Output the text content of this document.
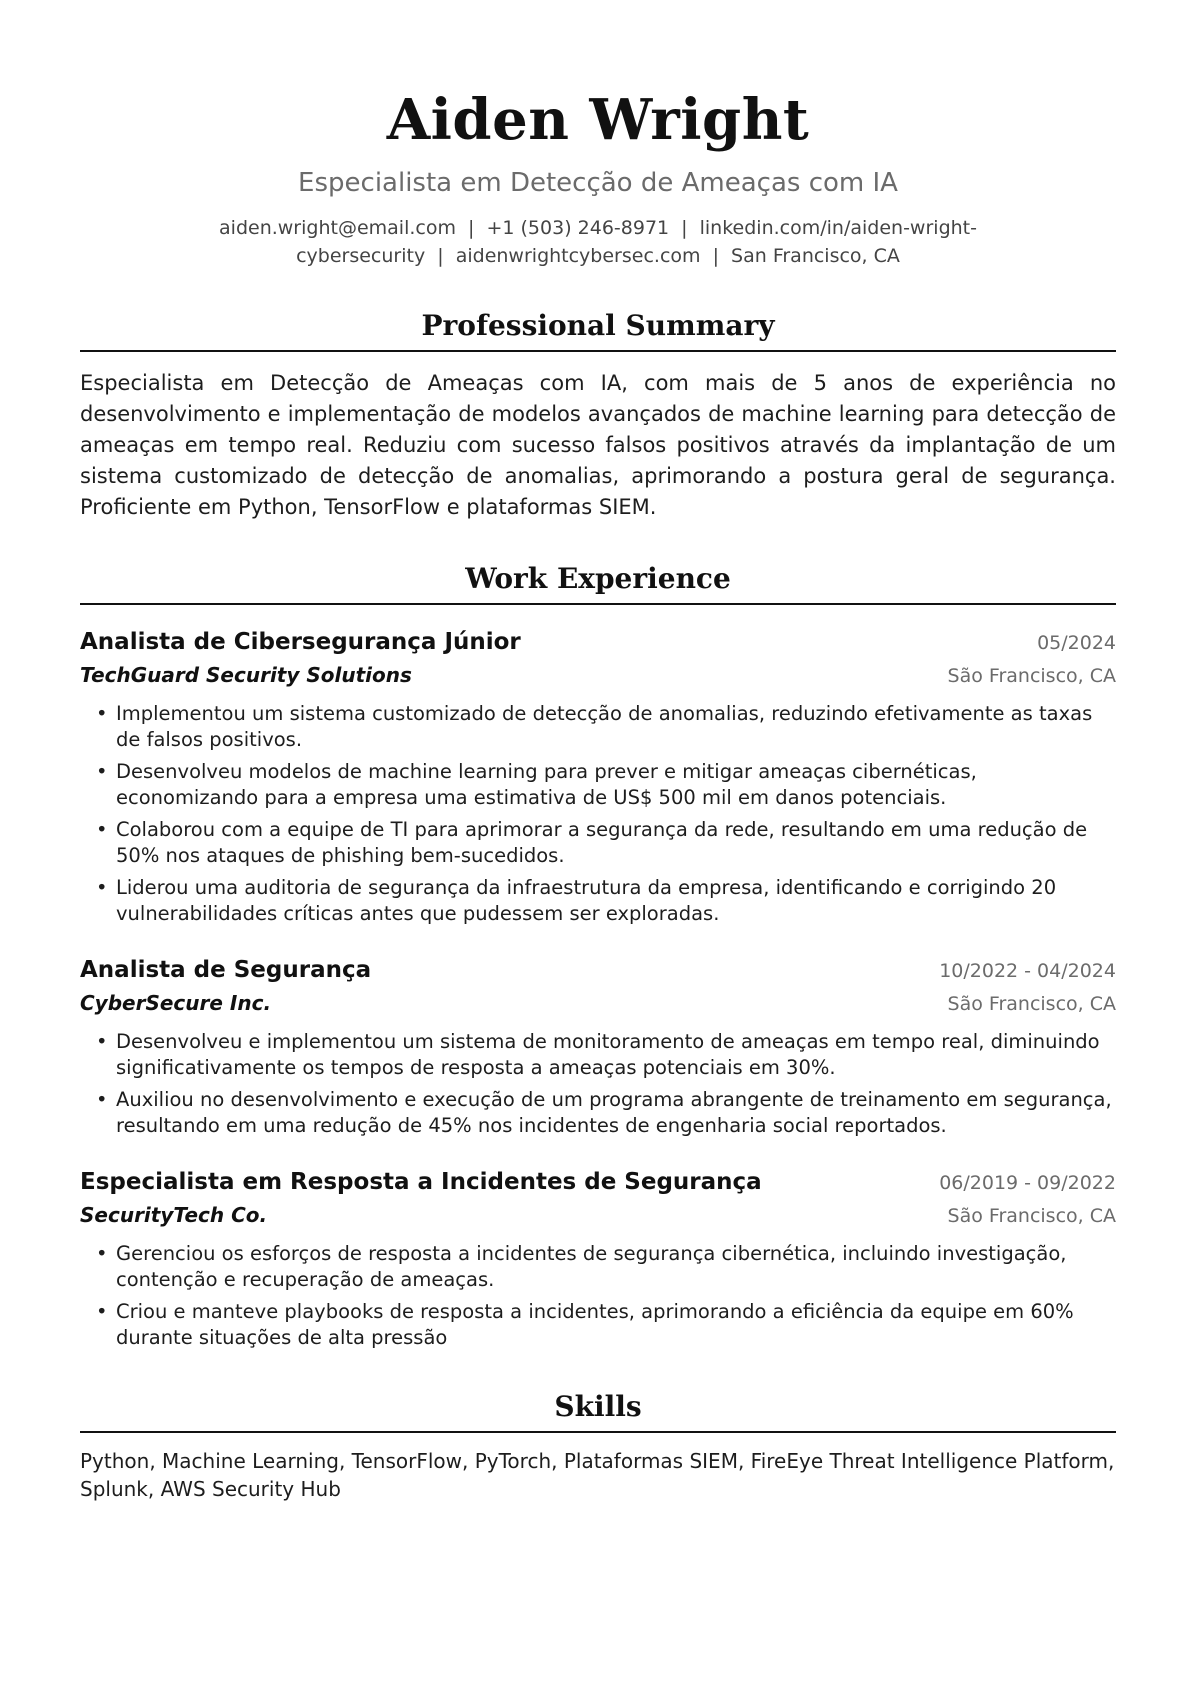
Aiden Wright
Especialista em Detecção de Ameaças com IA
aiden.wright@email.com | +1 (503) 246-8971 | linkedin.com/in/aiden-wright-cybersecurity | aidenwrightcybersec.com | San Francisco, CA
Professional Summary

Especialista em Detecção de Ameaças com IA, com mais de 5 anos de experiência no desenvolvimento e implementação de modelos avançados de machine learning para detecção de ameaças em tempo real. Reduziu com sucesso falsos positivos através da implantação de um sistema customizado de detecção de anomalias, aprimorando a postura geral de segurança. Proficiente em Python, TensorFlow e plataformas SIEM.

Work Experience
Analista de Cibersegurança Júnior	05/2024
TechGuard Security Solutions	São Francisco, CA
• Implementou um sistema customizado de detecção de anomalias, reduzindo efetivamente as taxas de falsos positivos.
• Desenvolveu modelos de machine learning para prever e mitigar ameaças cibernéticas, economizando para a empresa uma estimativa de US$ 500 mil em danos potenciais.
• Colaborou com a equipe de TI para aprimorar a segurança da rede, resultando em uma redução de 50% nos ataques de phishing bem-sucedidos.
• Liderou uma auditoria de segurança da infraestrutura da empresa, identificando e corrigindo 20 vulnerabilidades críticas antes que pudessem ser exploradas.
Analista de Segurança	10/2022 - 04/2024
CyberSecure Inc.	São Francisco, CA
• Desenvolveu e implementou um sistema de monitoramento de ameaças em tempo real, diminuindo significativamente os tempos de resposta a ameaças potenciais em 30%.
• Auxiliou no desenvolvimento e execução de um programa abrangente de treinamento em segurança, resultando em uma redução de 45% nos incidentes de engenharia social reportados.
Especialista em Resposta a Incidentes de Segurança	06/2019 - 09/2022
SecurityTech Co.	São Francisco, CA
• Gerenciou os esforços de resposta a incidentes de segurança cibernética, incluindo investigação, contenção e recuperação de ameaças.
• Criou e manteve playbooks de resposta a incidentes, aprimorando a eficiência da equipe em 60% durante situações de alta pressão
Skills
Python, Machine Learning, TensorFlow, PyTorch, Plataformas SIEM, FireEye Threat Intelligence Platform, Splunk, AWS Security Hub
